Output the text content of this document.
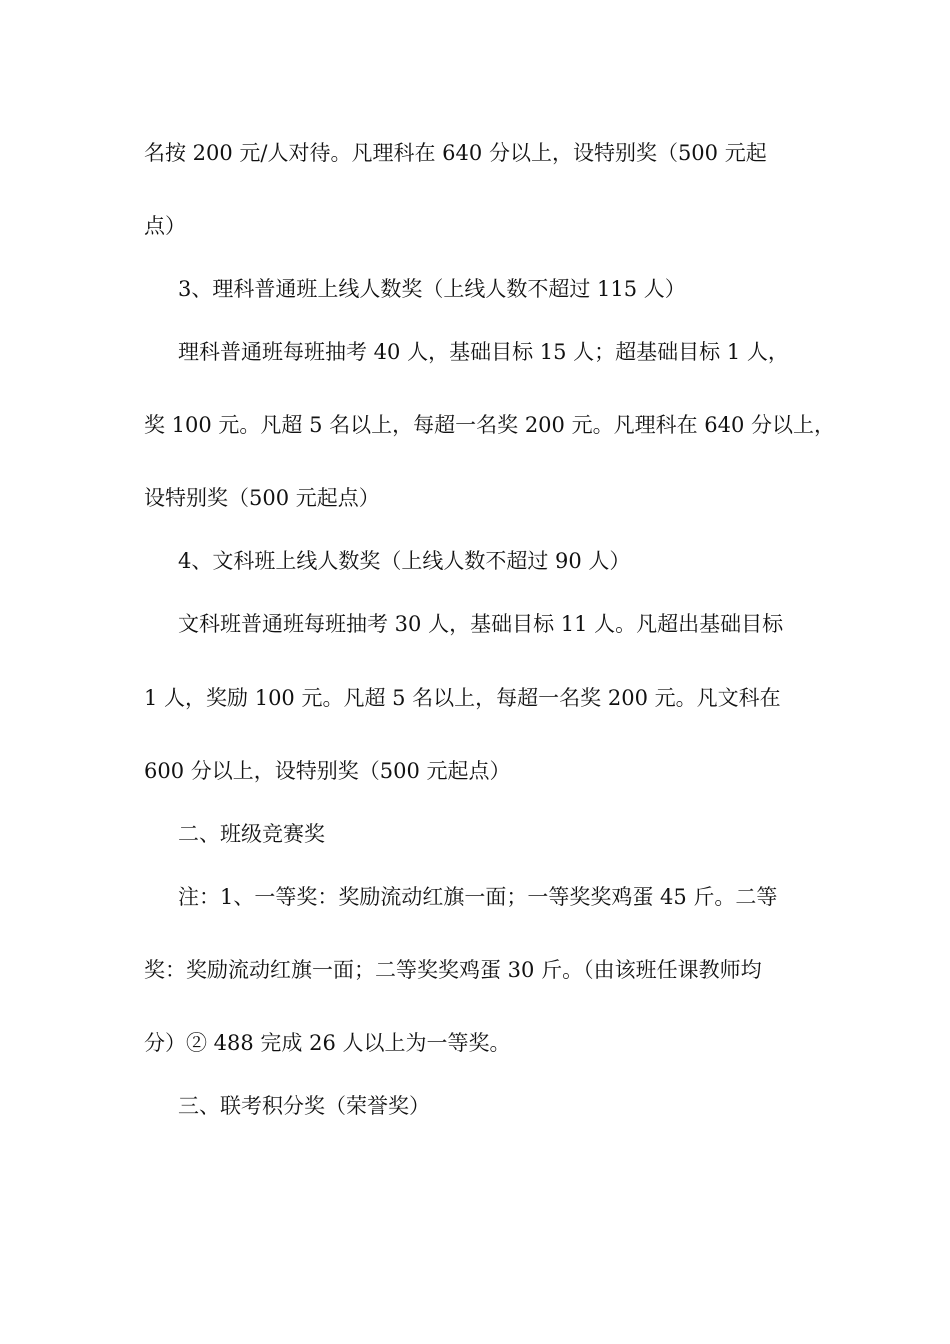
名按 200 元/人对待。凡理科在 640 分以上，设特别奖（500 元起
点）
3、理科普通班上线人数奖（上线人数不超过 115 人）
理科普通班每班抽考 40 人，基础目标 15 人；超基础目标 1 人，
奖 100 元。凡超 5 名以上，每超一名奖 200 元。凡理科在 640 分以上，
设特别奖（500 元起点）
4、文科班上线人数奖（上线人数不超过 90 人）
文科班普通班每班抽考 30 人，基础目标 11 人。凡超出基础目标
1 人，奖励 100 元。凡超 5 名以上，每超一名奖 200 元。凡文科在
600 分以上，设特别奖（500 元起点）
二、班级竞赛奖
注：1、一等奖：奖励流动红旗一面；一等奖奖鸡蛋 45 斤。二等
奖：奖励流动红旗一面；二等奖奖鸡蛋 30 斤。（由该班任课教师均
分）② 488 完成 26 人以上为一等奖。
三、联考积分奖（荣誉奖）
